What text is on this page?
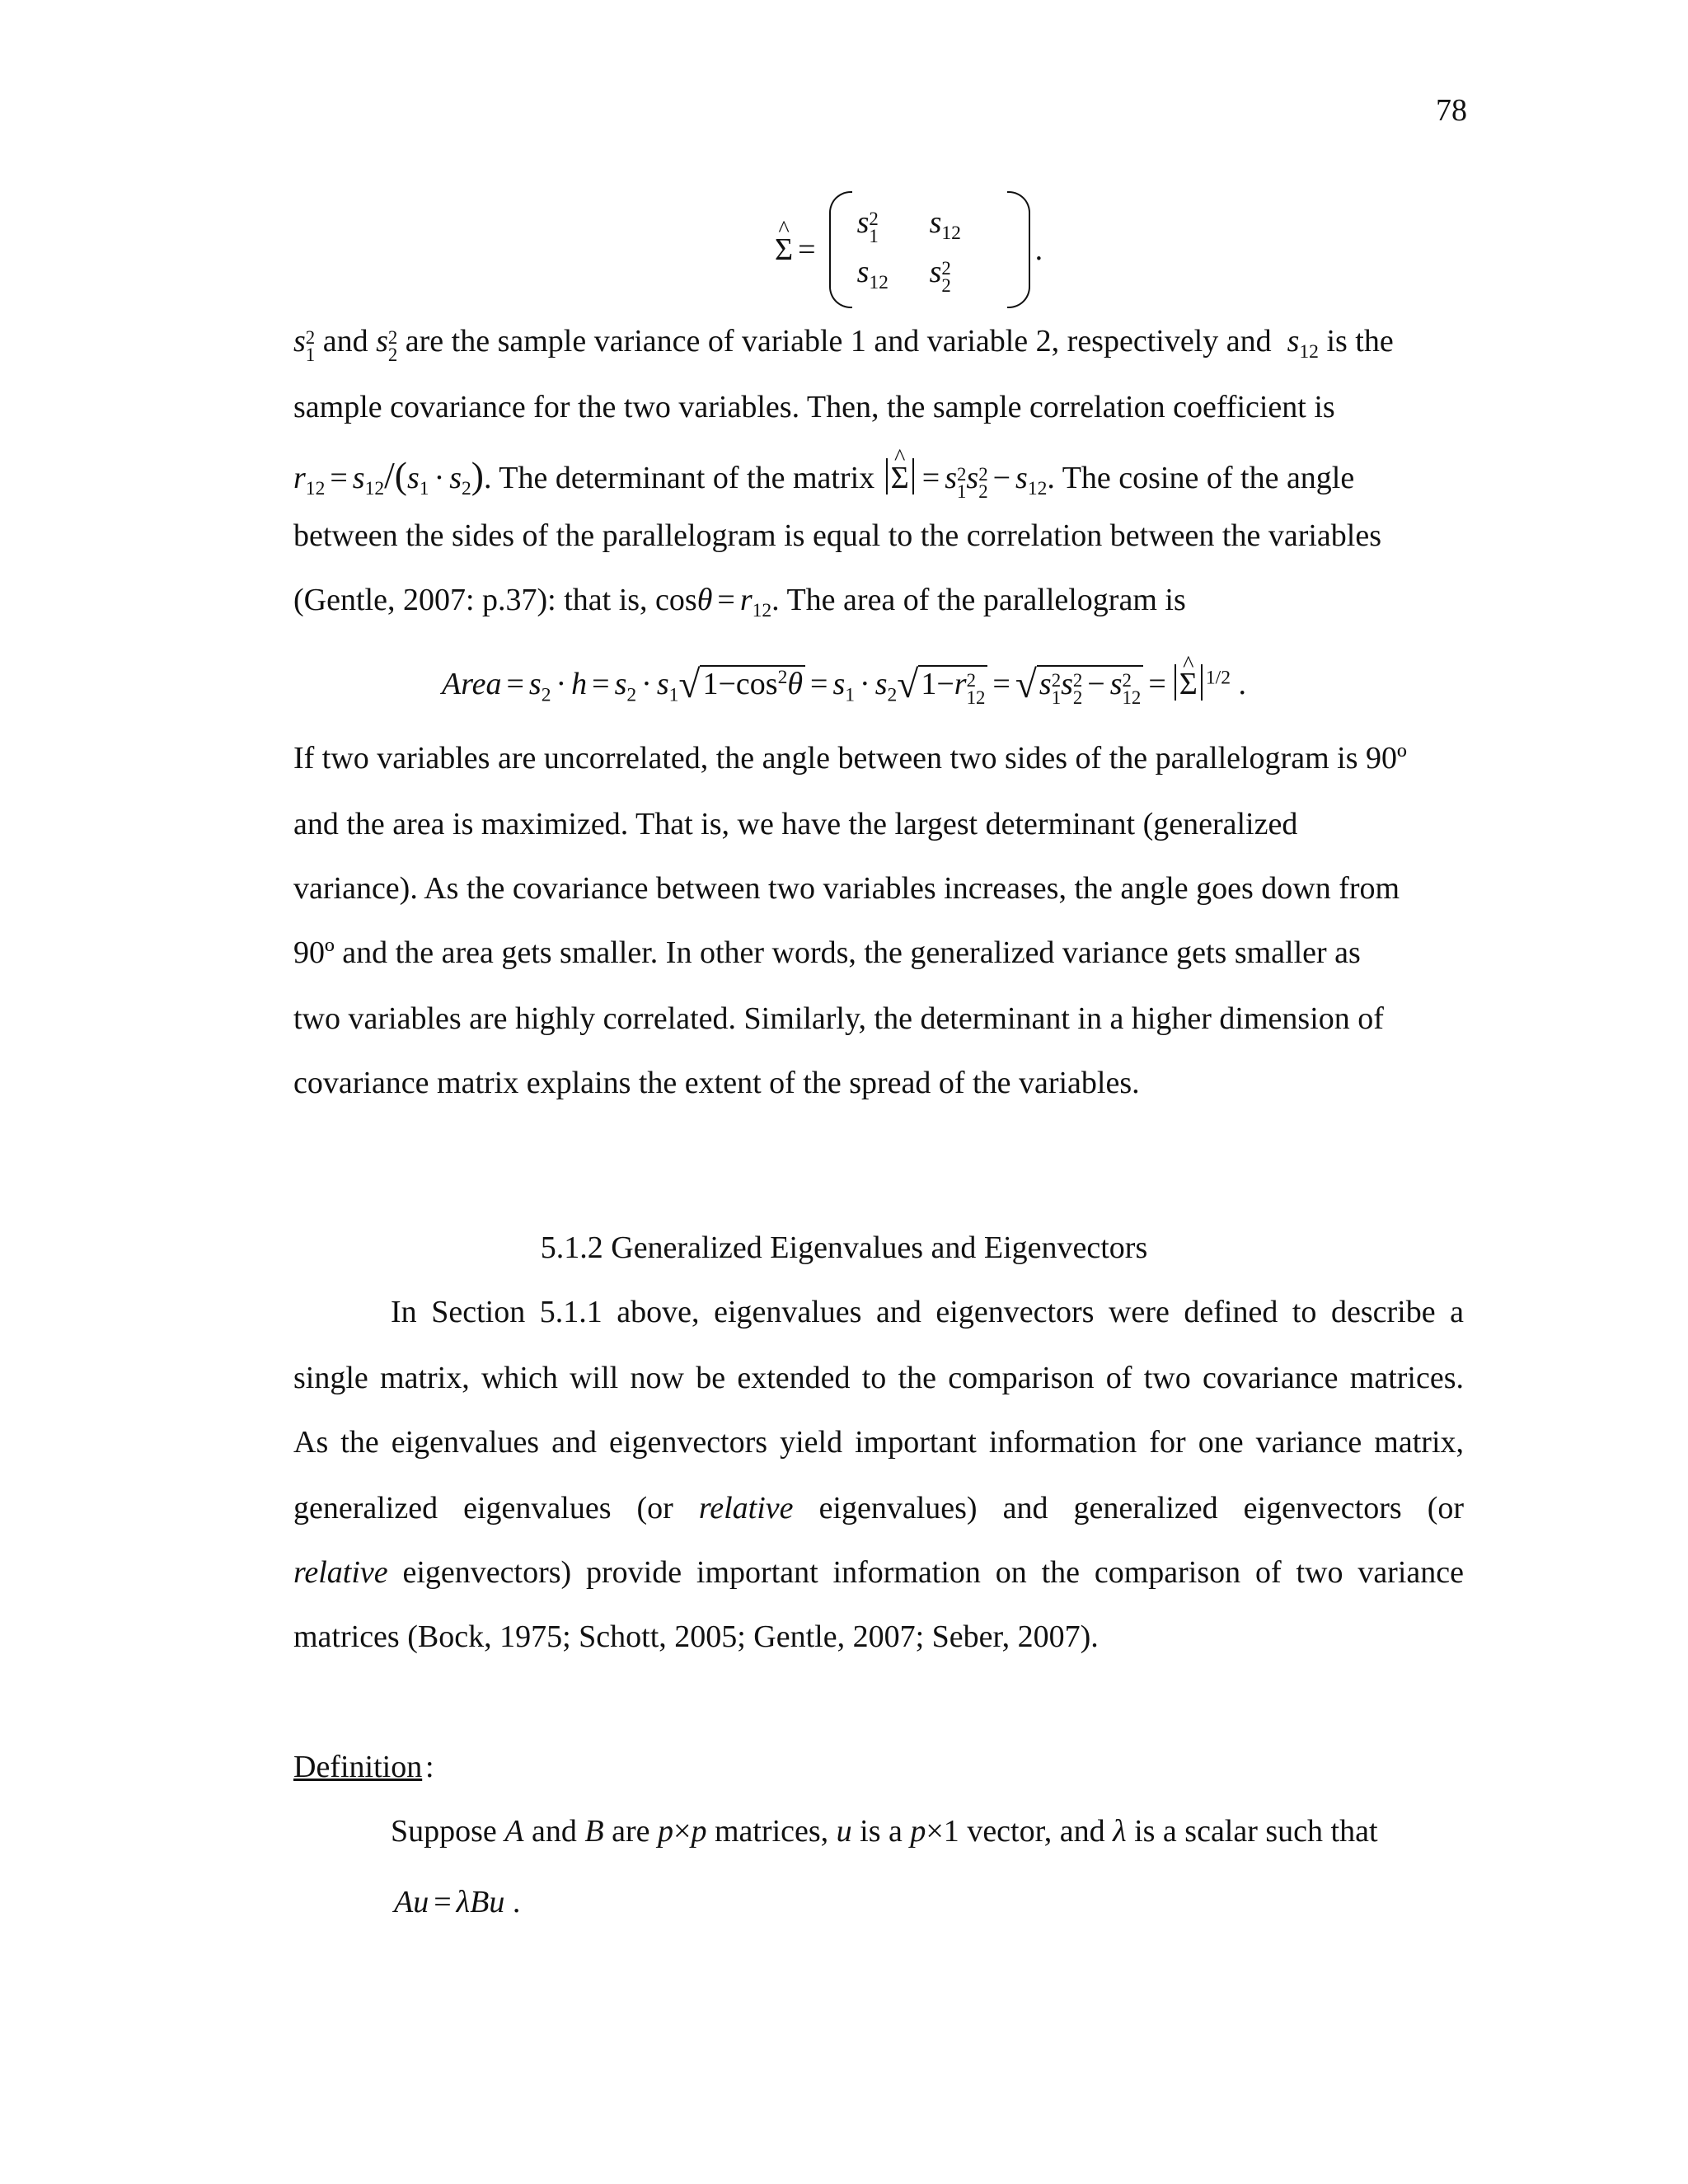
78
^ Σ =
s 2
1 $s_{12}$
$s_{12}$ s 2
2
.
s 2
1 and s 2
2 are the sample variance of variable 1 and variable 2, respectively and  $s_{12}$ is the
sample covariance for the two variables. Then, the sample correlation coefficient is
$r_{12} = s_{12}/(s_1 \cdot s_2)$. The determinant of the matrix ^ Σ = s 2
1 s 2
$2 - s_{12}$. The cosine of the angle
between the sides of the parallelogram is equal to the correlation between the variables
(Gentle, 2007: p.37): that is, $\cos\theta = r_{12}$. The area of the parallelogram is
Area = $s_2 \cdot h = s_2 \cdot s_1√1-\cos^2\theta = s_1 \cdot s_2√1-r$ 2
12 = √s 2
1 s 2
2 − s 2
12 = ^ Σ $^{1/2}$ .
If two variables are uncorrelated, the angle between two sides of the parallelogram is 90º
and the area is maximized. That is, we have the largest determinant (generalized
variance). As the covariance between two variables increases, the angle goes down from
90º and the area gets smaller. In other words, the generalized variance gets smaller as
two variables are highly correlated. Similarly, the determinant in a higher dimension of
covariance matrix explains the extent of the spread of the variables.
5.1.2 Generalized Eigenvalues and Eigenvectors
In Section 5.1.1 above, eigenvalues and eigenvectors were defined to describe a
single matrix, which will now be extended to the comparison of two covariance matrices.
As the eigenvalues and eigenvectors yield important information for one variance matrix,
generalized eigenvalues (or relative eigenvalues) and generalized eigenvectors (or
relative eigenvectors) provide important information on the comparison of two variance
matrices (Bock, 1975; Schott, 2005; Gentle, 2007; Seber, 2007).
Definition :
Suppose A and B are p×p matrices, u is a p×1 vector, and λ is a scalar such that
Au = λBu .
